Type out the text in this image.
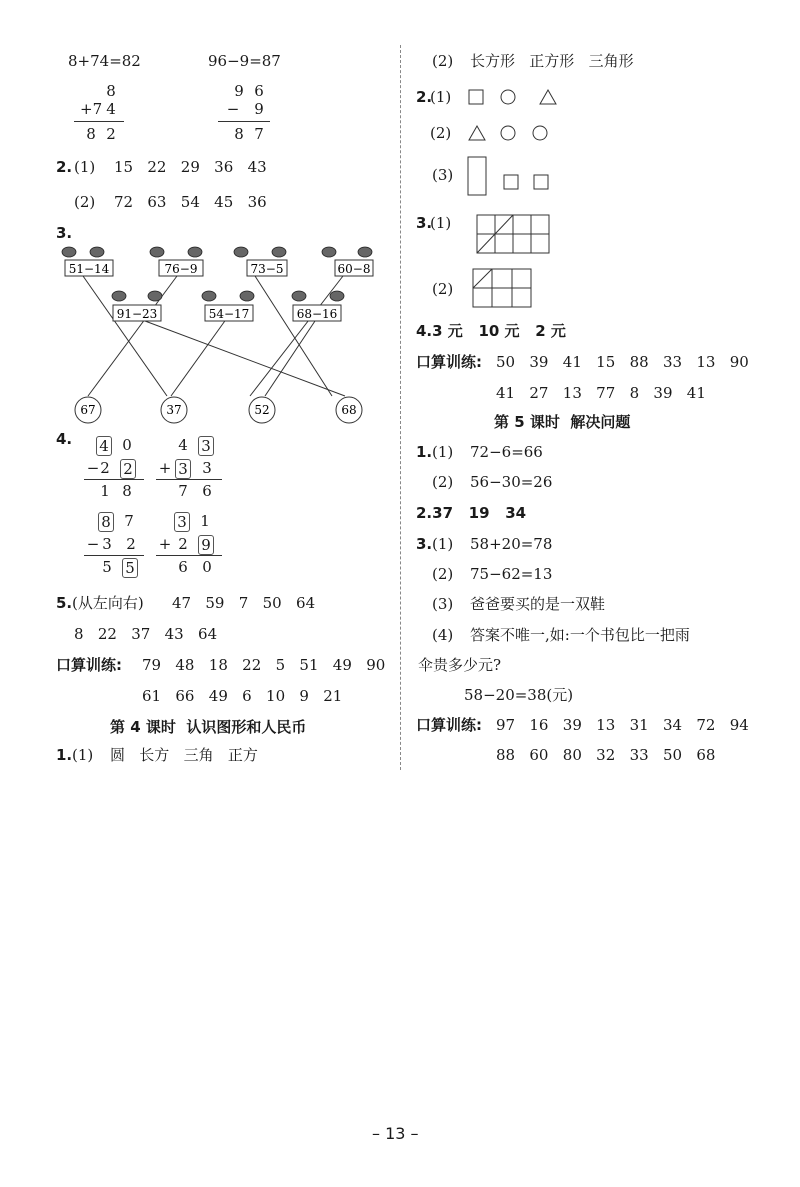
8+74=82
8
+7 4
8 2
96−9=87
9 6
− 9
8 7
2. (1) 15   22   29   36   43
(2) 72   63   54   45   36
3.
51−14	76−9	73−5	60−8
91−23	54−17	68−16
67	37	52	68
4. 4 0
− 2 2
1 8
4 3
+ 3 3
7 6
8 7
− 3 2
5 5
3 1
+ 2 9
6 0
5. (从左向右) 47   59   7   50   64
8   22   37   43   64
口算训练: 79   48   18   22   5   51   49   90
61   66   49   6   10   9   21
第 4 课时  认识图形和人民币
1. (1) 圆   长方   三角   正方
(2) 长方形   正方形   三角形
2.
(1)
(2)
(3)
3.
(1)
(2)
4.3 元   10 元   2 元
口算训练: 50   39   41   15   88   33   13   90
41   27   13   77   8   39   41
第 5 课时  解决问题
1. (1) 72−6=66
(2) 56−30=26
2.37   19   34
3. (1) 58+20=78
(2) 75−62=13
(3) 爸爸要买的是一双鞋
(4) 答案不唯一,如:一个书包比一把雨
伞贵多少元?
58−20=38(元)
口算训练: 97   16   39   13   31   34   72   94
88   60   80   32   33   50   68
– 13 –
